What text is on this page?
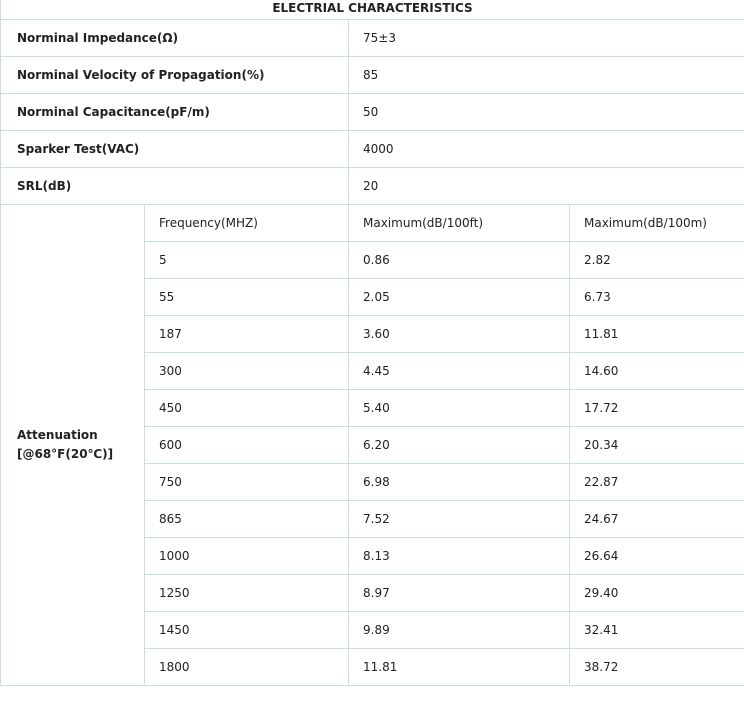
ELECTRIAL CHARACTERISTICS			
Norminal Impedance(Ω)		75±3	
Norminal Velocity of Propagation(%)		85	
Norminal Capacitance(pF/m)		50	
Sparker Test(VAC)		4000	
SRL(dB)		20	
Attenuation
[@68°F(20℃)]	Frequency(MHZ)	Maximum(dB/100ft)	Maximum(dB/100m)
	5	0.86	2.82
	55	2.05	6.73
	187	3.60	11.81
	300	4.45	14.60
	450	5.40	17.72
	600	6.20	20.34
	750	6.98	22.87
	865	7.52	24.67
	1000	8.13	26.64
	1250	8.97	29.40
	1450	9.89	32.41
	1800	11.81	38.72
